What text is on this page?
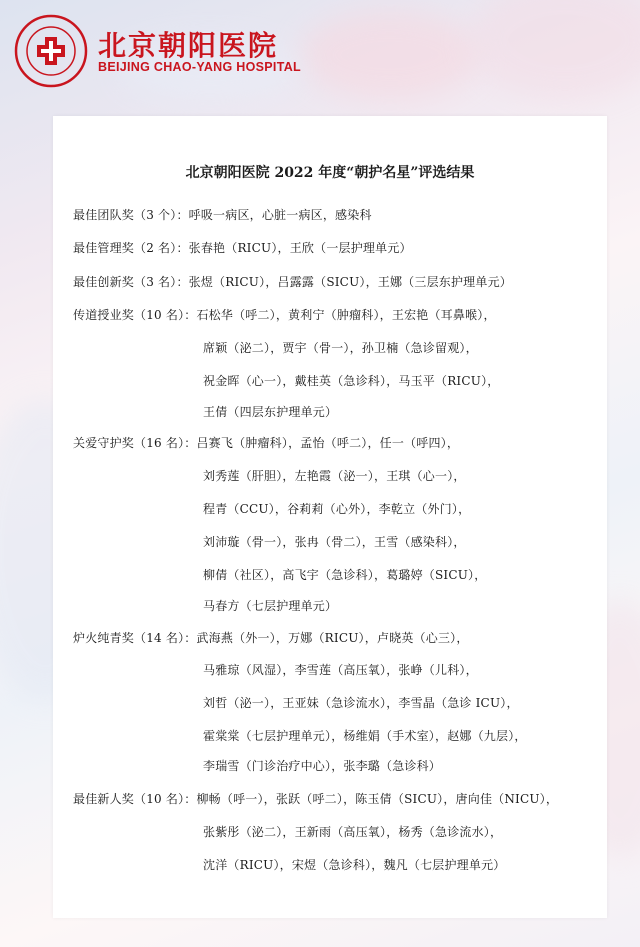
北京朝阳医院
BEIJING CHAO-YANG HOSPITAL
北京朝阳医院 2022 年度“朝护名星”评选结果
最佳团队奖（3 个）：呼吸一病区，心脏一病区，感染科
最佳管理奖（2 名）：张春艳（RICU），王欣（一层护理单元）
最佳创新奖（3 名）：张煜（RICU），吕露露（SICU），王娜（三层东护理单元）
传道授业奖（10 名）：石松华（呼二），黄利宁（肿瘤科），王宏艳（耳鼻喉），
席颖（泌二），贾宇（骨一），孙卫楠（急诊留观），
祝金晖（心一），戴桂英（急诊科），马玉平（RICU），
王倩（四层东护理单元）
关爱守护奖（16 名）：吕赛飞（肿瘤科），孟怡（呼二），任一（呼四），
刘秀莲（肝胆），左艳霞（泌一），王琪（心一），
程青（CCU），谷莉莉（心外），李乾立（外门），
刘沛璇（骨一），张冉（骨二），王雪（感染科），
柳倩（社区），高飞宇（急诊科），葛璐婷（SICU），
马春方（七层护理单元）
炉火纯青奖（14 名）：武海燕（外一），万娜（RICU），卢晓英（心三），
马雅琼（风湿），李雪莲（高压氧），张峥（儿科），
刘哲（泌一），王亚妹（急诊流水），李雪晶（急诊 ICU），
霍棠棠（七层护理单元），杨维娟（手术室），赵娜（九层），
李瑞雪（门诊治疗中心），张李璐（急诊科）
最佳新人奖（10 名）：柳畅（呼一），张跃（呼二），陈玉倩（SICU），唐向佳（NICU），
张紫彤（泌二），王新雨（高压氧），杨秀（急诊流水），
沈洋（RICU），宋煜（急诊科），魏凡（七层护理单元）
